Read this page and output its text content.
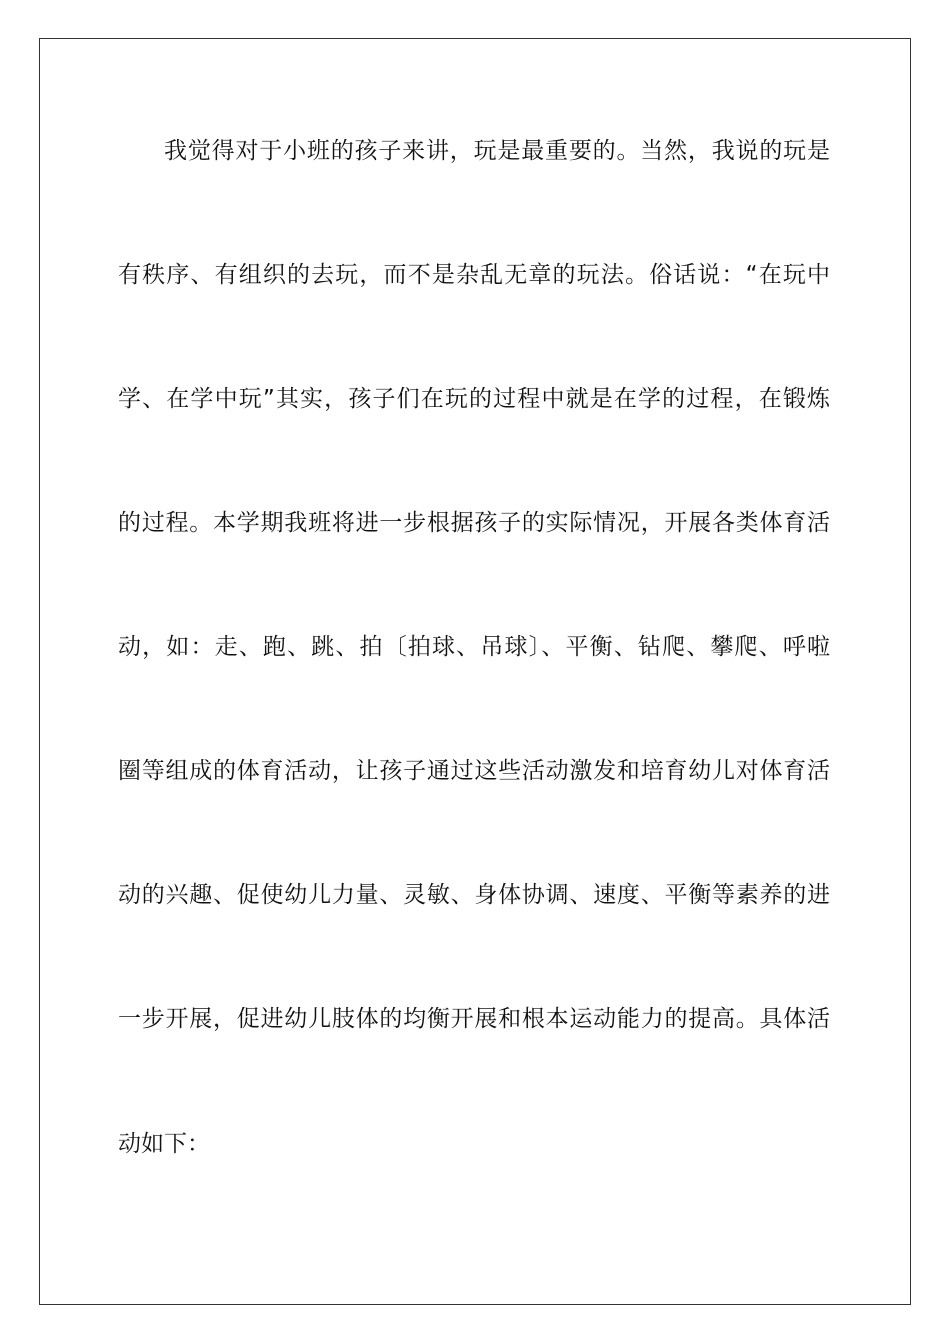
我觉得对于小班的孩子来讲，玩是最重要的。当然，我说的玩是
有秩序、有组织的去玩，而不是杂乱无章的玩法。俗话说：“在玩中
学、在学中玩”其实，孩子们在玩的过程中就是在学的过程，在锻炼
的过程。本学期我班将进一步根据孩子的实际情况，开展各类体育活
动，如：走、跑、跳、拍〔拍球、吊球〕、平衡、钻爬、攀爬、呼啦
圈等组成的体育活动，让孩子通过这些活动激发和培育幼儿对体育活
动的兴趣、促使幼儿力量、灵敏、身体协调、速度、平衡等素养的进
一步开展，促进幼儿肢体的均衡开展和根本运动能力的提高。具体活
动如下：
